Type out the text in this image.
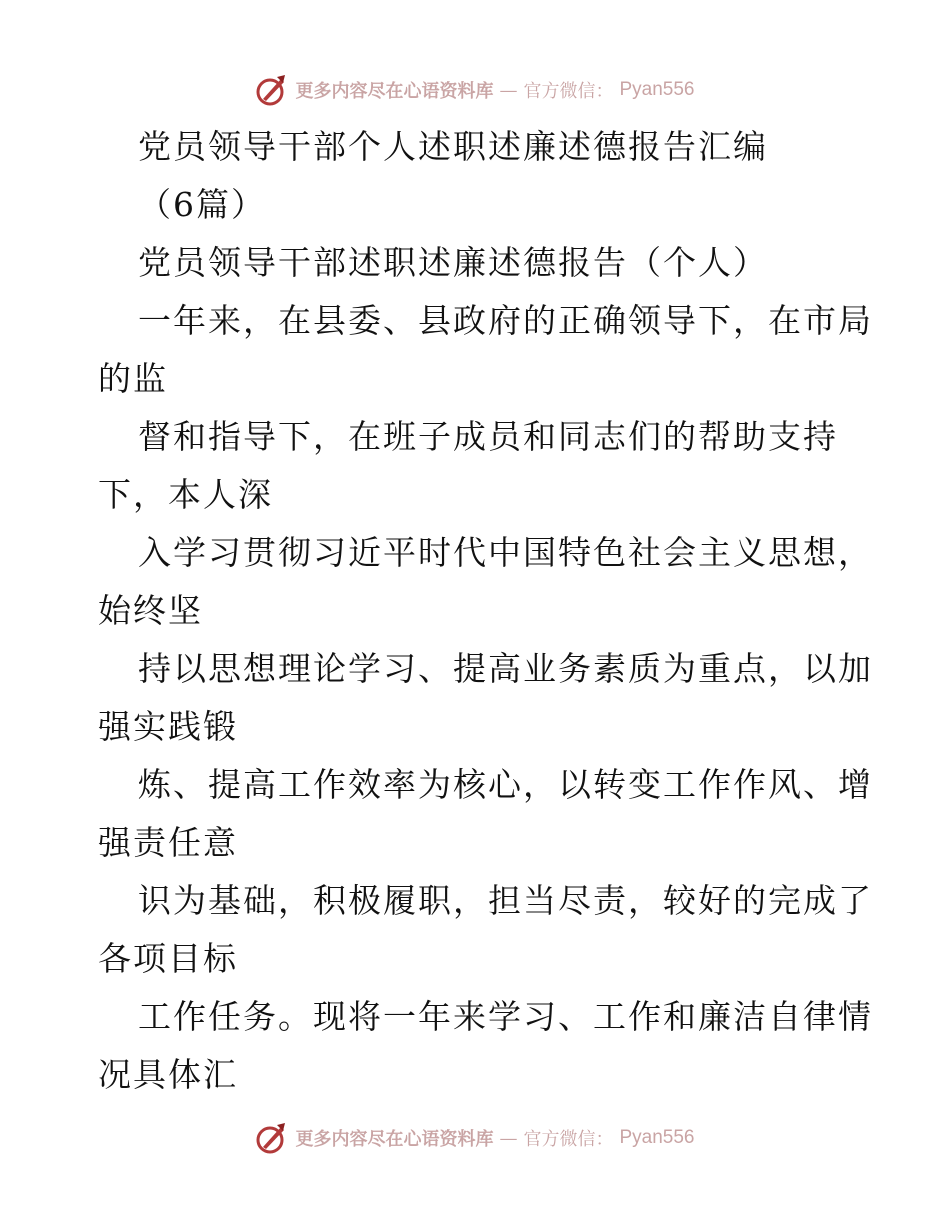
更多内容尽在心语资料库 — 官方微信： Pyan556
党员领导干部个人述职述廉述德报告汇编
（6篇）
党员领导干部述职述廉述德报告（个人）
一年来，在县委、县政府的正确领导下，在市局
的监
督和指导下，在班子成员和同志们的帮助支持
下，本人深
入学习贯彻习近平时代中国特色社会主义思想，
始终坚
持以思想理论学习、提高业务素质为重点，以加
强实践锻
炼、提高工作效率为核心，以转变工作作风、增
强责任意
识为基础，积极履职，担当尽责，较好的完成了
各项目标
工作任务。现将一年来学习、工作和廉洁自律情
况具体汇
更多内容尽在心语资料库 — 官方微信： Pyan556
